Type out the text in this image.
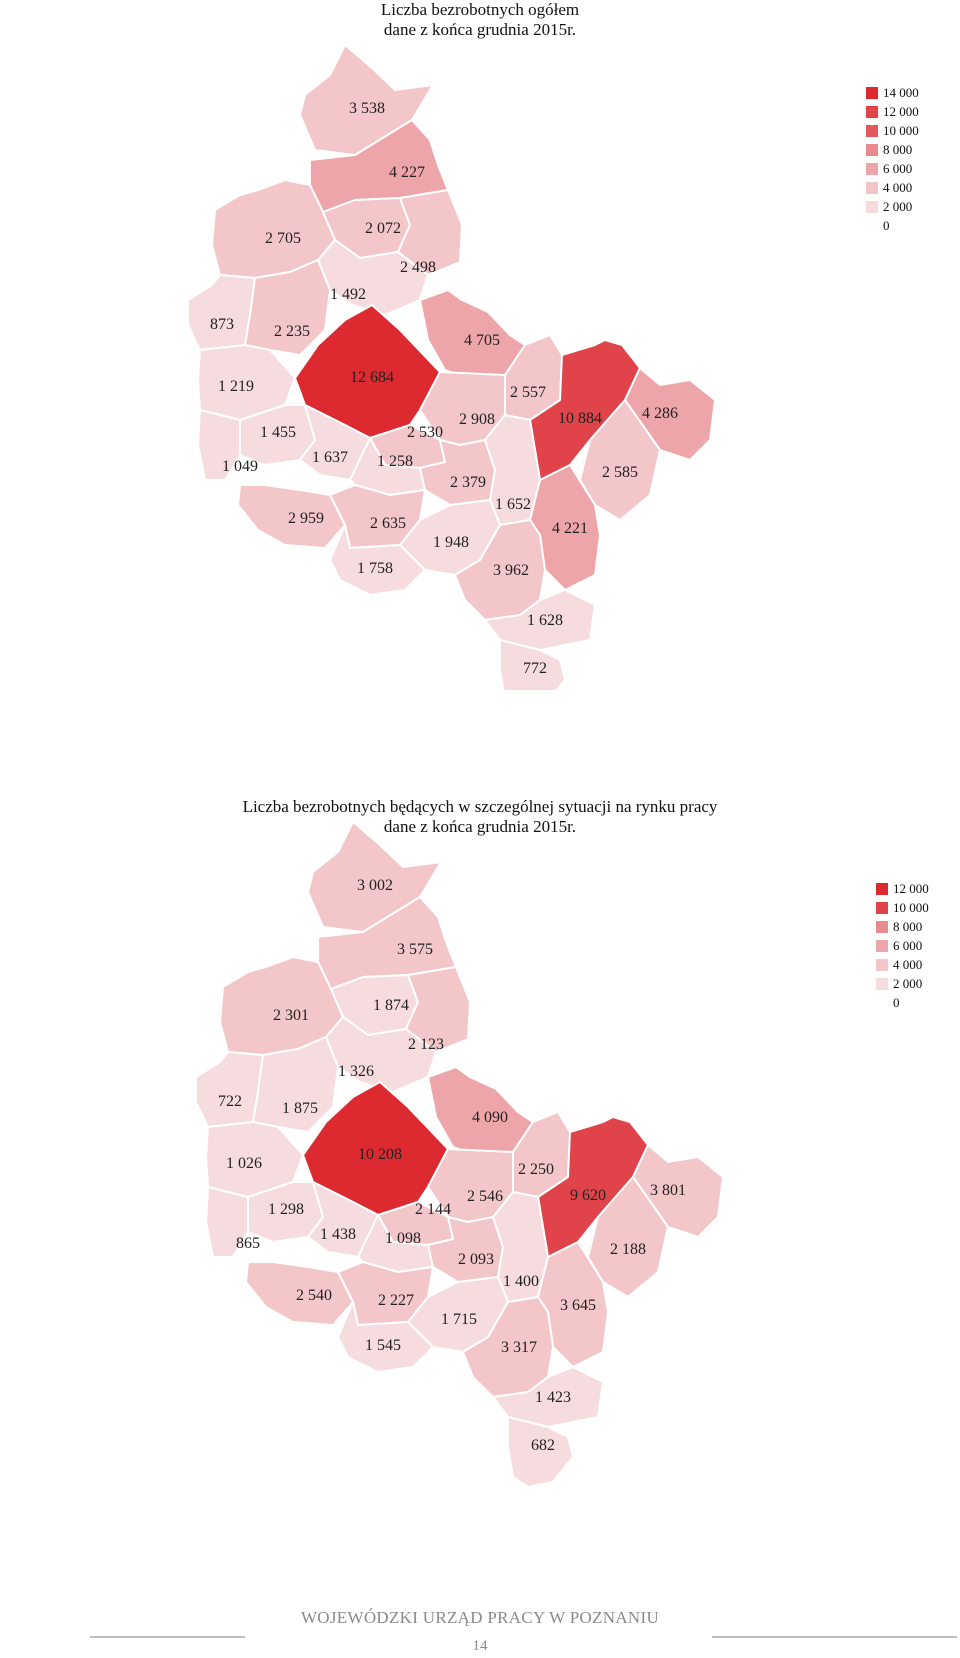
Liczba bezrobotnych ogółem
dane z końca grudnia 2015r.
3 538
4 227
2 705
2 072
2 498
1 492
873	2 235
4 705
12 684
1 219	2 557
10 884	4 286
1 455	2 530
2 908
1 049
1 637 1 258
2 585
2 379
1 652
2 959	2 635	4 221
1 948
1 758	3 962
1 628
772
14 000
12 000
10 000
8 000
6 000
4 000
2 000
0
Liczba bezrobotnych będących w szczególnej sytuacji na rynku pracy
dane z końca grudnia 2015r.
3 002
3 575
2 301
1 874
2 123
1 326
722	1 875
4 090
10 208
1 026	2 250
9 620	3 801
1 298	2 144
2 546
865
1 438 1 098
2 188
2 093
1 400
2 540	2 227	3 645
1 715
1 545	3 317
1 423
682
12 000
10 000
8 000
6 000
4 000
2 000
0
WOJEWÓDZKI URZĄD PRACY W POZNANIU
14
